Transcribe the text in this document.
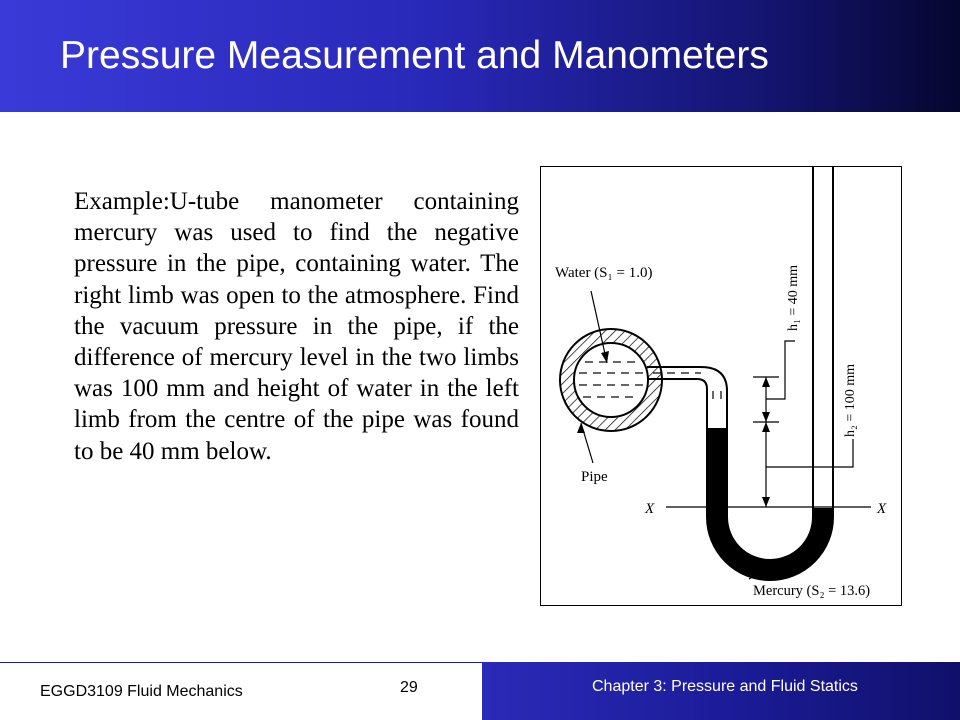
Pressure Measurement and Manometers
Example:U-tube manometer containing mercury was used to find the negative pressure in the pipe, containing water. The right limb was open to the atmosphere. Find the vacuum pressure in the pipe, if the difference of mercury level in the two limbs was 100 mm and height of water in the left limb from the centre of the pipe was found to be 40 mm below.
Water (S₁ = 1.0)
Pipe
X	X
Mercury (S₂ = 13.6)
h₁ = 40 mm
h₂ = 100 mm
EGGD3109 Fluid Mechanics	29	Chapter 3: Pressure and Fluid Statics
